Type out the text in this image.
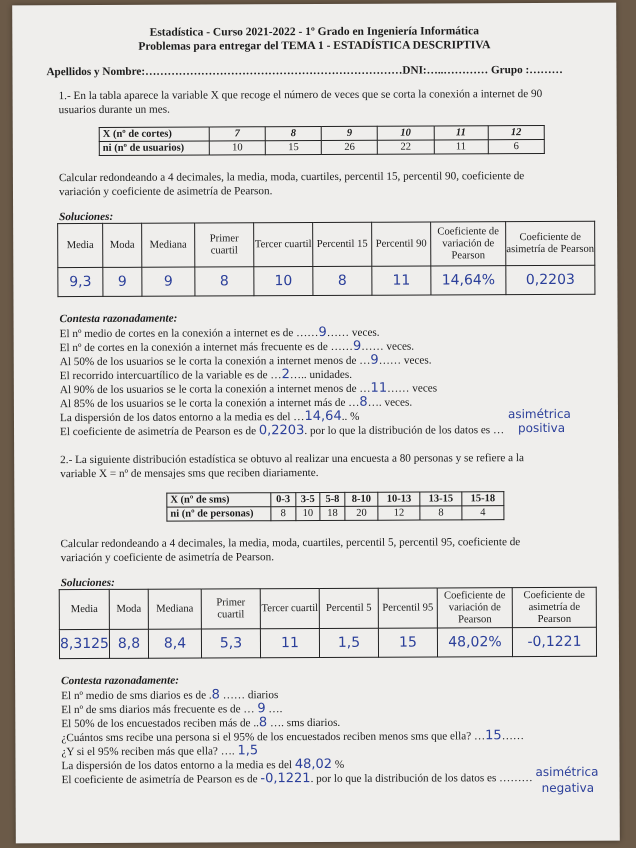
Estadística - Curso 2021-2022 - 1º Grado en Ingeniería Informática
Problemas para entregar del TEMA 1 - ESTADÍSTICA DESCRIPTIVA
Apellidos y Nombre:……………………………………………………………DNI:…..………… Grupo :………
1.- En la tabla aparece la variable X que recoge el número de veces que se corta la conexión a internet de 90
usuarios durante un mes.
X (nº de cortes)	7	8	9	10	11	12
ni (nº de usuarios)	10	15	26	22	11	6
Calcular redondeando a 4 decimales, la media, moda, cuartiles, percentil 15, percentil 90, coeficiente de
variación y coeficiente de asimetría de Pearson.
Soluciones:
Media	Moda	Mediana	Primer cuartil	Tercer cuartil	Percentil 15	Percentil 90	Coeficiente de variación de Pearson	Coeficiente de asimetría de Pearson
9,3	9	9	8	10	8	11	14,64%	0,2203
Contesta razonadamente:
El nº medio de cortes en la conexión a internet es de ……9…… veces.
El nº de cortes en la conexión a internet más frecuente es de ……9…… veces.
Al 50% de los usuarios se le corta la conexión a internet menos de …9…… veces.
El recorrido intercuartílico de la variable es de …2….. unidades.
Al 90% de los usuarios se le corta la conexión a internet menos de …11…… veces
Al 85% de los usuarios se le corta la conexión a internet más de …8…. veces.
La dispersión de los datos entorno a la media es del …14,64.. %
El coeficiente de asimetría de Pearson es de 0,2203. por lo que la distribución de los datos es …
asimétrica
positiva
2.- La siguiente distribución estadística se obtuvo al realizar una encuesta a 80 personas y se refiere a la
variable X = nº de mensajes sms que reciben diariamente.
X (nº de sms)	0-3	3-5	5-8	8-10	10-13	13-15	15-18
ni (nº de personas)	8	10	18	20	12	8	4
Calcular redondeando a 4 decimales, la media, moda, cuartiles, percentil 5, percentil 95, coeficiente de
variación y coeficiente de asimetría de Pearson.
Soluciones:
Media	Moda	Mediana	Primer cuartil	Tercer cuartil	Percentil 5	Percentil 95	Coeficiente de variación de Pearson	Coeficiente de asimetría de Pearson
8,3125	8,8	8,4	5,3	11	1,5	15	48,02%	-0,1221
Contesta razonadamente:
El nº medio de sms diarios es de .8 …… diarios
El nº de sms diarios más frecuente es de … 9 ….
El 50% de los encuestados reciben más de ..8 …. sms diarios.
¿Cuántos sms recibe una persona si el 95% de los encuestados reciben menos sms que ella? …15……
¿Y si el 95% reciben más que ella? …. 1,5
La dispersión de los datos entorno a la media es del 48,02 %
El coeficiente de asimetría de Pearson es de -0,1221. por lo que la distribución de los datos es ……… asimétrica
negativa
